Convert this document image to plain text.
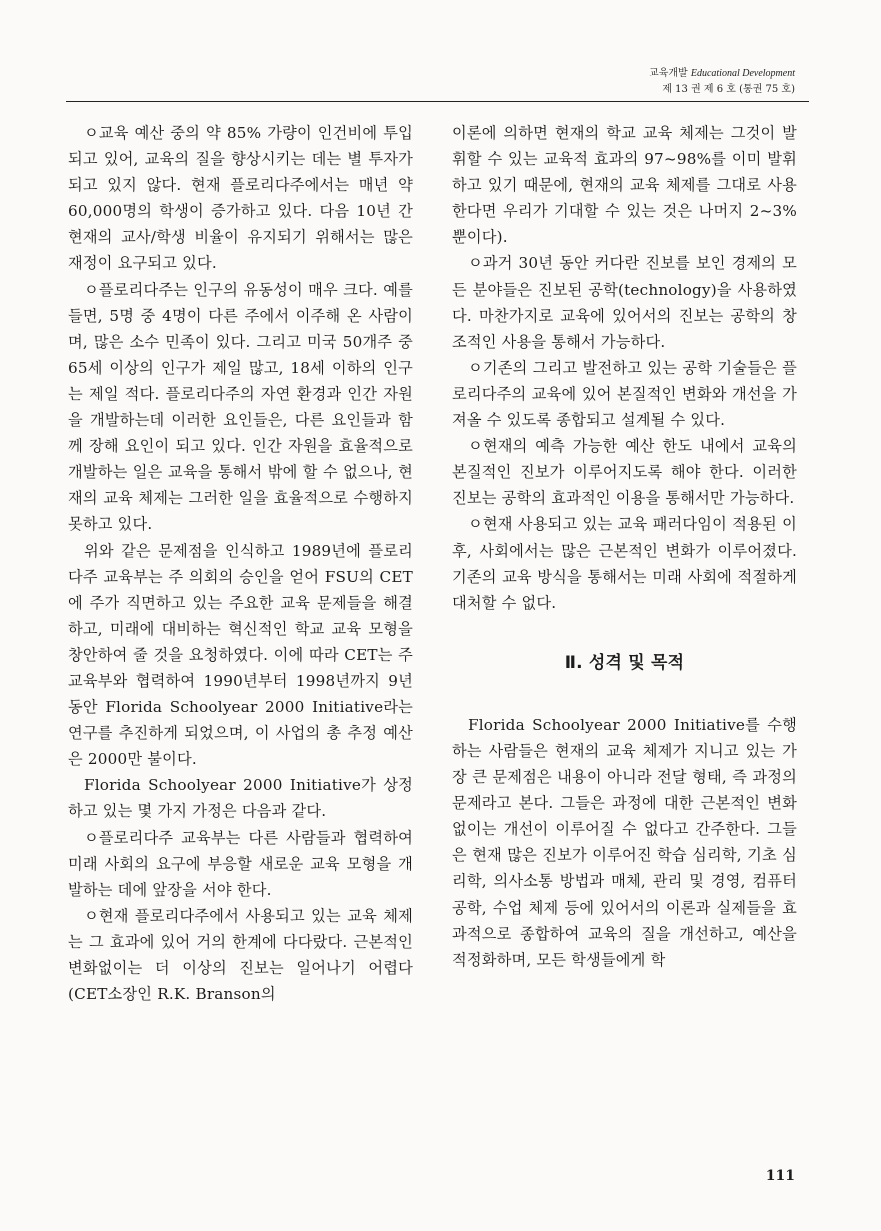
교육개발 Educational Development
제 13 권 제 6 호 (통권 75 호)

ㅇ교육 예산 중의 약 85% 가량이 인건비에 투입되고 있어, 교육의 질을 향상시키는 데는 별 투자가 되고 있지 않다. 현재 플로리다주에서는 매년 약 60,000명의 학생이 증가하고 있다. 다음 10년 간 현재의 교사/학생 비율이 유지되기 위해서는 많은 재정이 요구되고 있다.

ㅇ플로리다주는 인구의 유동성이 매우 크다. 예를 들면, 5명 중 4명이 다른 주에서 이주해 온 사람이며, 많은 소수 민족이 있다. 그리고 미국 50개주 중 65세 이상의 인구가 제일 많고, 18세 이하의 인구는 제일 적다. 플로리다주의 자연 환경과 인간 자원을 개발하는데 이러한 요인들은, 다른 요인들과 함께 장해 요인이 되고 있다. 인간 자원을 효율적으로 개발하는 일은 교육을 통해서 밖에 할 수 없으나, 현재의 교육 체제는 그러한 일을 효율적으로 수행하지 못하고 있다.

위와 같은 문제점을 인식하고 1989년에 플로리다주 교육부는 주 의회의 승인을 얻어 FSU의 CET에 주가 직면하고 있는 주요한 교육 문제들을 해결하고, 미래에 대비하는 혁신적인 학교 교육 모형을 창안하여 줄 것을 요청하였다. 이에 따라 CET는 주 교육부와 협력하여 1990년부터 1998년까지 9년 동안 Florida Schoolyear 2000 Initiative라는 연구를 추진하게 되었으며, 이 사업의 총 추정 예산은 2000만 불이다.

Florida Schoolyear 2000 Initiative가 상정하고 있는 몇 가지 가정은 다음과 같다.

ㅇ플로리다주 교육부는 다른 사람들과 협력하여 미래 사회의 요구에 부응할 새로운 교육 모형을 개발하는 데에 앞장을 서야 한다.

ㅇ현재 플로리다주에서 사용되고 있는 교육 체제는 그 효과에 있어 거의 한계에 다다랐다. 근본적인 변화없이는 더 이상의 진보는 일어나기 어렵다(CET소장인 R.K. Branson의

이론에 의하면 현재의 학교 교육 체제는 그것이 발휘할 수 있는 교육적 효과의 97~98%를 이미 발휘하고 있기 때문에, 현재의 교육 체제를 그대로 사용한다면 우리가 기대할 수 있는 것은 나머지 2~3% 뿐이다).

ㅇ과거 30년 동안 커다란 진보를 보인 경제의 모든 분야들은 진보된 공학(technology)을 사용하였다. 마찬가지로 교육에 있어서의 진보는 공학의 창조적인 사용을 통해서 가능하다.

ㅇ기존의 그리고 발전하고 있는 공학 기술들은 플로리다주의 교육에 있어 본질적인 변화와 개선을 가져올 수 있도록 종합되고 설계될 수 있다.

ㅇ현재의 예측 가능한 예산 한도 내에서 교육의 본질적인 진보가 이루어지도록 해야 한다. 이러한 진보는 공학의 효과적인 이용을 통해서만 가능하다.

ㅇ현재 사용되고 있는 교육 패러다임이 적용된 이후, 사회에서는 많은 근본적인 변화가 이루어졌다. 기존의 교육 방식을 통해서는 미래 사회에 적절하게 대처할 수 없다.

Ⅱ. 성격 및 목적

Florida Schoolyear 2000 Initiative를 수행하는 사람들은 현재의 교육 체제가 지니고 있는 가장 큰 문제점은 내용이 아니라 전달 형태, 즉 과정의 문제라고 본다. 그들은 과정에 대한 근본적인 변화없이는 개선이 이루어질 수 없다고 간주한다. 그들은 현재 많은 진보가 이루어진 학습 심리학, 기초 심리학, 의사소통 방법과 매체, 관리 및 경영, 컴퓨터 공학, 수업 체제 등에 있어서의 이론과 실제들을 효과적으로 종합하여 교육의 질을 개선하고, 예산을 적정화하며, 모든 학생들에게 학

111
